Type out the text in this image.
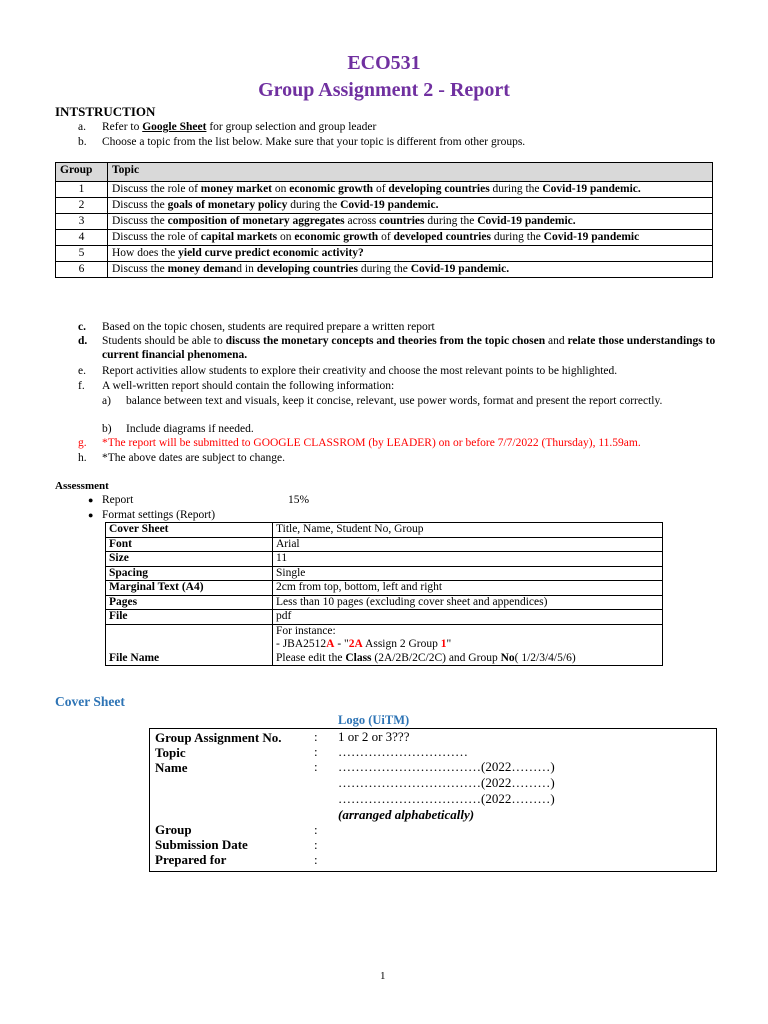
ECO531
Group Assignment 2 - Report
INTSTRUCTION
a.	Refer to Google Sheet for group selection and group leader
b.	Choose a topic from the list below. Make sure that your topic is different from other groups.
Group	Topic
1	Discuss the role of money market on economic growth of developing countries during the Covid-19 pandemic.
2	Discuss the goals of monetary policy during the Covid-19 pandemic.
3	Discuss the composition of monetary aggregates across countries during the Covid-19 pandemic.
4	Discuss the role of capital markets on economic growth of developed countries during the Covid-19 pandemic
5	How does the yield curve predict economic activity?
6	Discuss the money demand in developing countries during the Covid-19 pandemic.
c.	Based on the topic chosen, students are required prepare a written report
d.	Students should be able to discuss the monetary concepts and theories from the topic chosen and relate those understandings to current financial phenomena.
e.	Report activities allow students to explore their creativity and choose the most relevant points to be highlighted.
f.	A well-written report should contain the following information:
a)	balance between text and visuals, keep it concise, relevant, use power words, format and present the report correctly.
b)	Include diagrams if needed.
g.	*The report will be submitted to GOOGLE CLASSROM (by LEADER) on or before 7/7/2022 (Thursday), 11.59am.
h.	*The above dates are subject to change.
Assessment
● Report	15%
● Format settings (Report)
Cover Sheet	Title, Name, Student No, Group
Font	Arial
Size	11
Spacing	Single
Marginal Text (A4)	2cm from top, bottom, left and right
Pages	Less than 10 pages (excluding cover sheet and appendices)
File	pdf
File Name	For instance:
- JBA2512A - "2A Assign 2 Group 1"
Please edit the Class (2A/2B/2C/2C) and Group No( 1/2/3/4/5/6)
Cover Sheet
Logo (UiTM)
Group Assignment No. : 1 or 2 or 3???
Topic	: …………………………
Name	: ……………………………(2022………)
……………………………(2022………)
……………………………(2022………)
(arranged alphabetically)
Group	:
Submission Date	:
Prepared for	:
1
